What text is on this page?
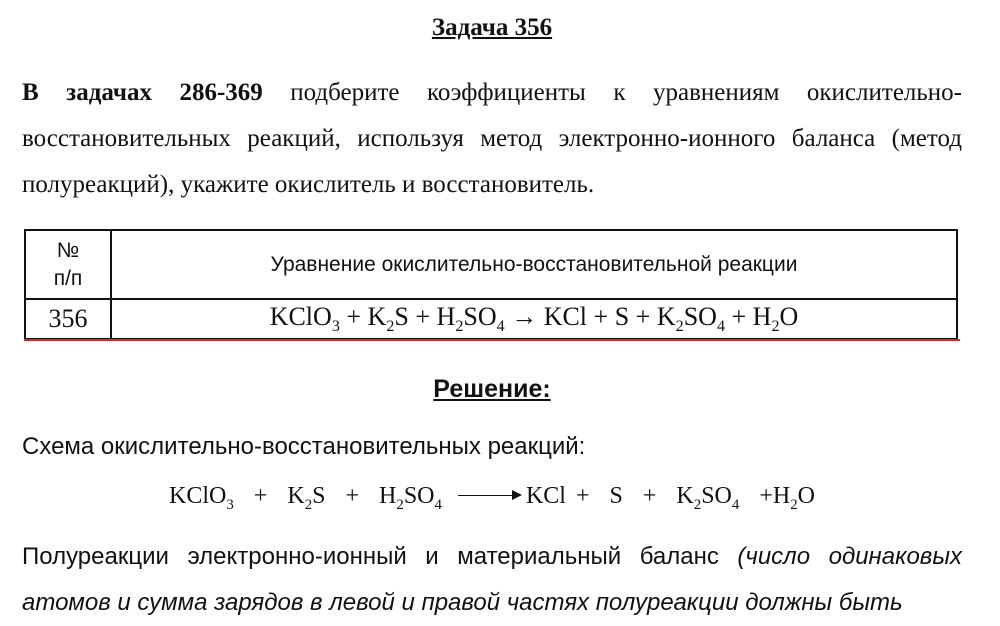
Задача 356
В задачах 286-369 подберите коэффициенты к уравнениям окислительно-восстановительных реакций, используя метод электронно-ионного баланса (метод полуреакций), укажите окислитель и восстановитель.
№
п/п	Уравнение окислительно-восстановительной реакции
356	KClO$_3$ + $K_2S + H_2SO_4$ → KCl + $S + K_2SO_4 + H_2O$
Решение:
Схема окислительно-восстановительных реакций:
KClO$_3$  +  $K_2S + H_2SO_4$	KCl +  $S + K_2SO_4 +H_2O$
Полуреакции электронно-ионный и материальный баланс (число одинаковых атомов и сумма зарядов в левой и правой частях полуреакции должны быть
